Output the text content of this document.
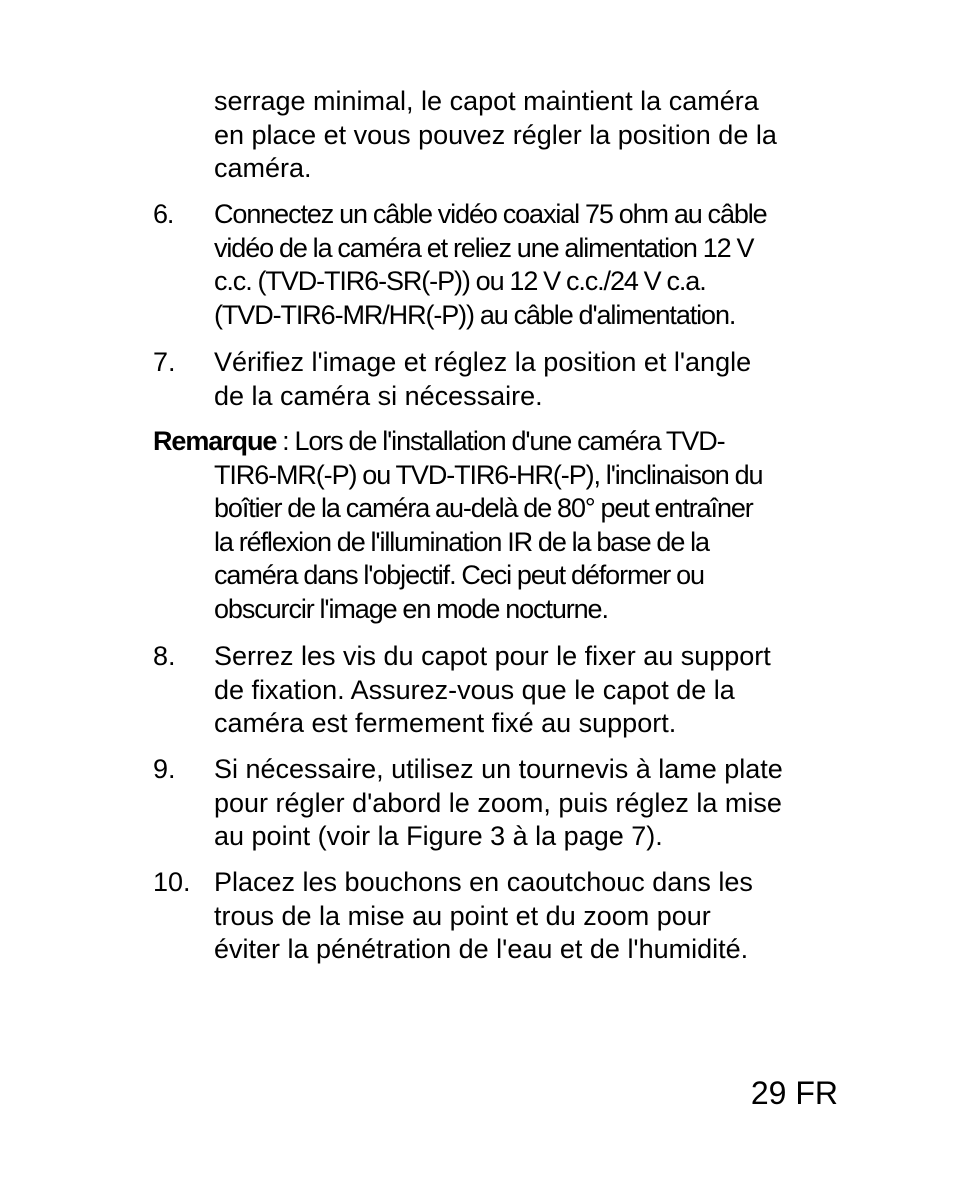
serrage minimal, le capot maintient la caméra
en place et vous pouvez régler la position de la
caméra.
6.	Connectez un câble vidéo coaxial 75 ohm au câble
vidéo de la caméra et reliez une alimentation 12 V
c.c. (TVD-TIR6-SR(-P)) ou 12 V c.c./24 V c.a.
(TVD-TIR6-MR/HR(-P)) au câble d'alimentation.
7.	Vérifiez l'image et réglez la position et l'angle
de la caméra si nécessaire.
Remarque : Lors de l'installation d'une caméra TVD-
TIR6-MR(-P) ou TVD-TIR6-HR(-P), l'inclinaison du
boîtier de la caméra au-delà de 80° peut entraîner
la réflexion de l'illumination IR de la base de la
caméra dans l'objectif. Ceci peut déformer ou
obscurcir l'image en mode nocturne.
8.	Serrez les vis du capot pour le fixer au support
de fixation. Assurez-vous que le capot de la
caméra est fermement fixé au support.
9.	Si nécessaire, utilisez un tournevis à lame plate
pour régler d'abord le zoom, puis réglez la mise
au point (voir la Figure 3 à la page 7).
10. Placez les bouchons en caoutchouc dans les
trous de la mise au point et du zoom pour
éviter la pénétration de l'eau et de l'humidité.
29 FR
